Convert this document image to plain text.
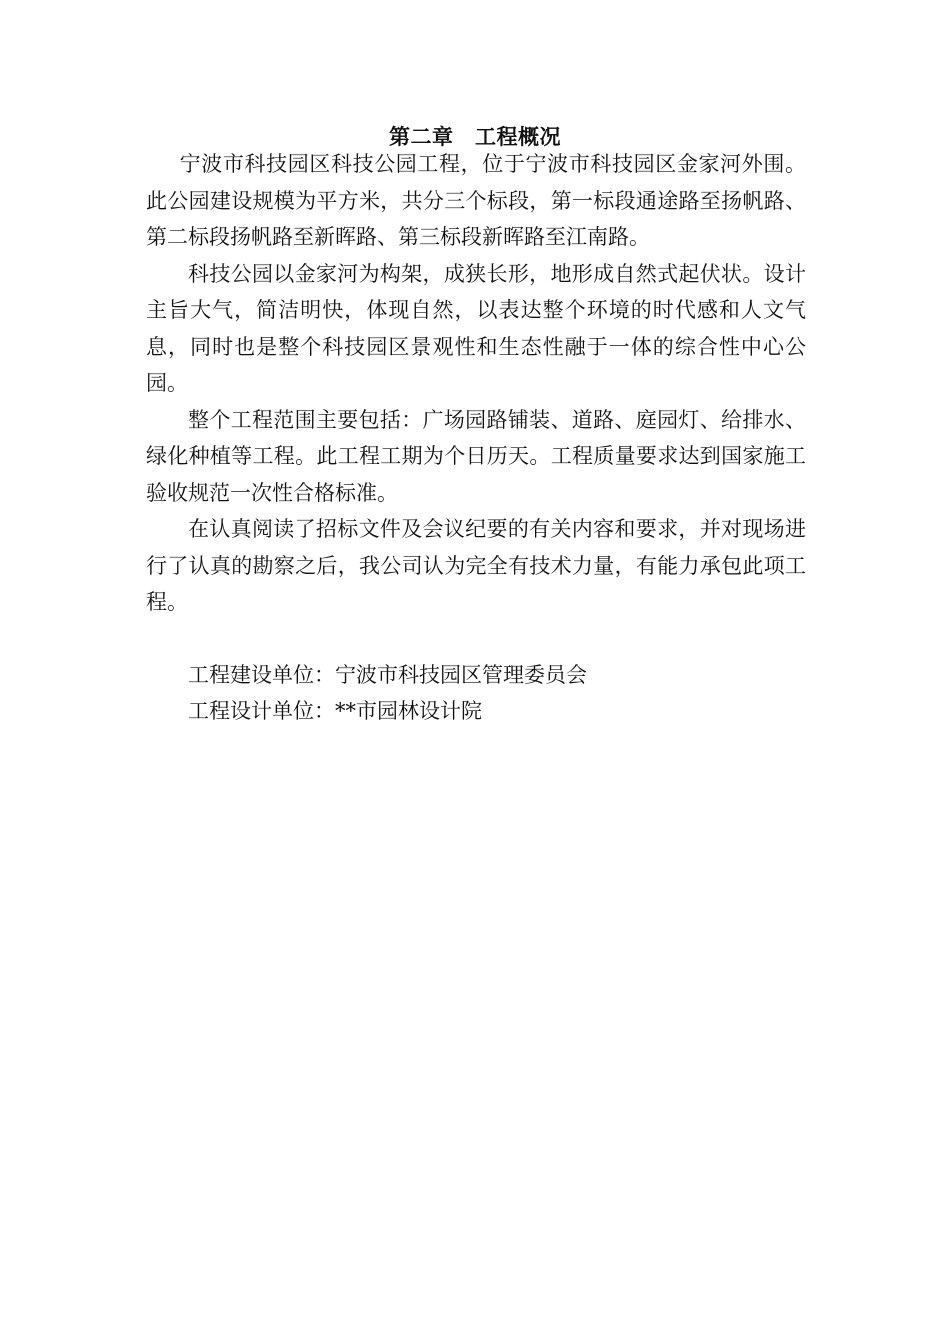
第二章　工程概况

宁波市科技园区科技公园工程，位于宁波市科技园区金家河外围。此公园建设规模为平方米，共分三个标段，第一标段通途路至扬帆路、第二标段扬帆路至新晖路、第三标段新晖路至江南路。

科技公园以金家河为构架，成狭长形，地形成自然式起伏状。设计主旨大气，简洁明快，体现自然，以表达整个环境的时代感和人文气息，同时也是整个科技园区景观性和生态性融于一体的综合性中心公园。

整个工程范围主要包括：广场园路铺装、道路、庭园灯、给排水、绿化种植等工程。此工程工期为个日历天。工程质量要求达到国家施工验收规范一次性合格标准。

在认真阅读了招标文件及会议纪要的有关内容和要求，并对现场进行了认真的勘察之后，我公司认为完全有技术力量，有能力承包此项工程。

工程建设单位：宁波市科技园区管理委员会

工程设计单位：**市园林设计院
